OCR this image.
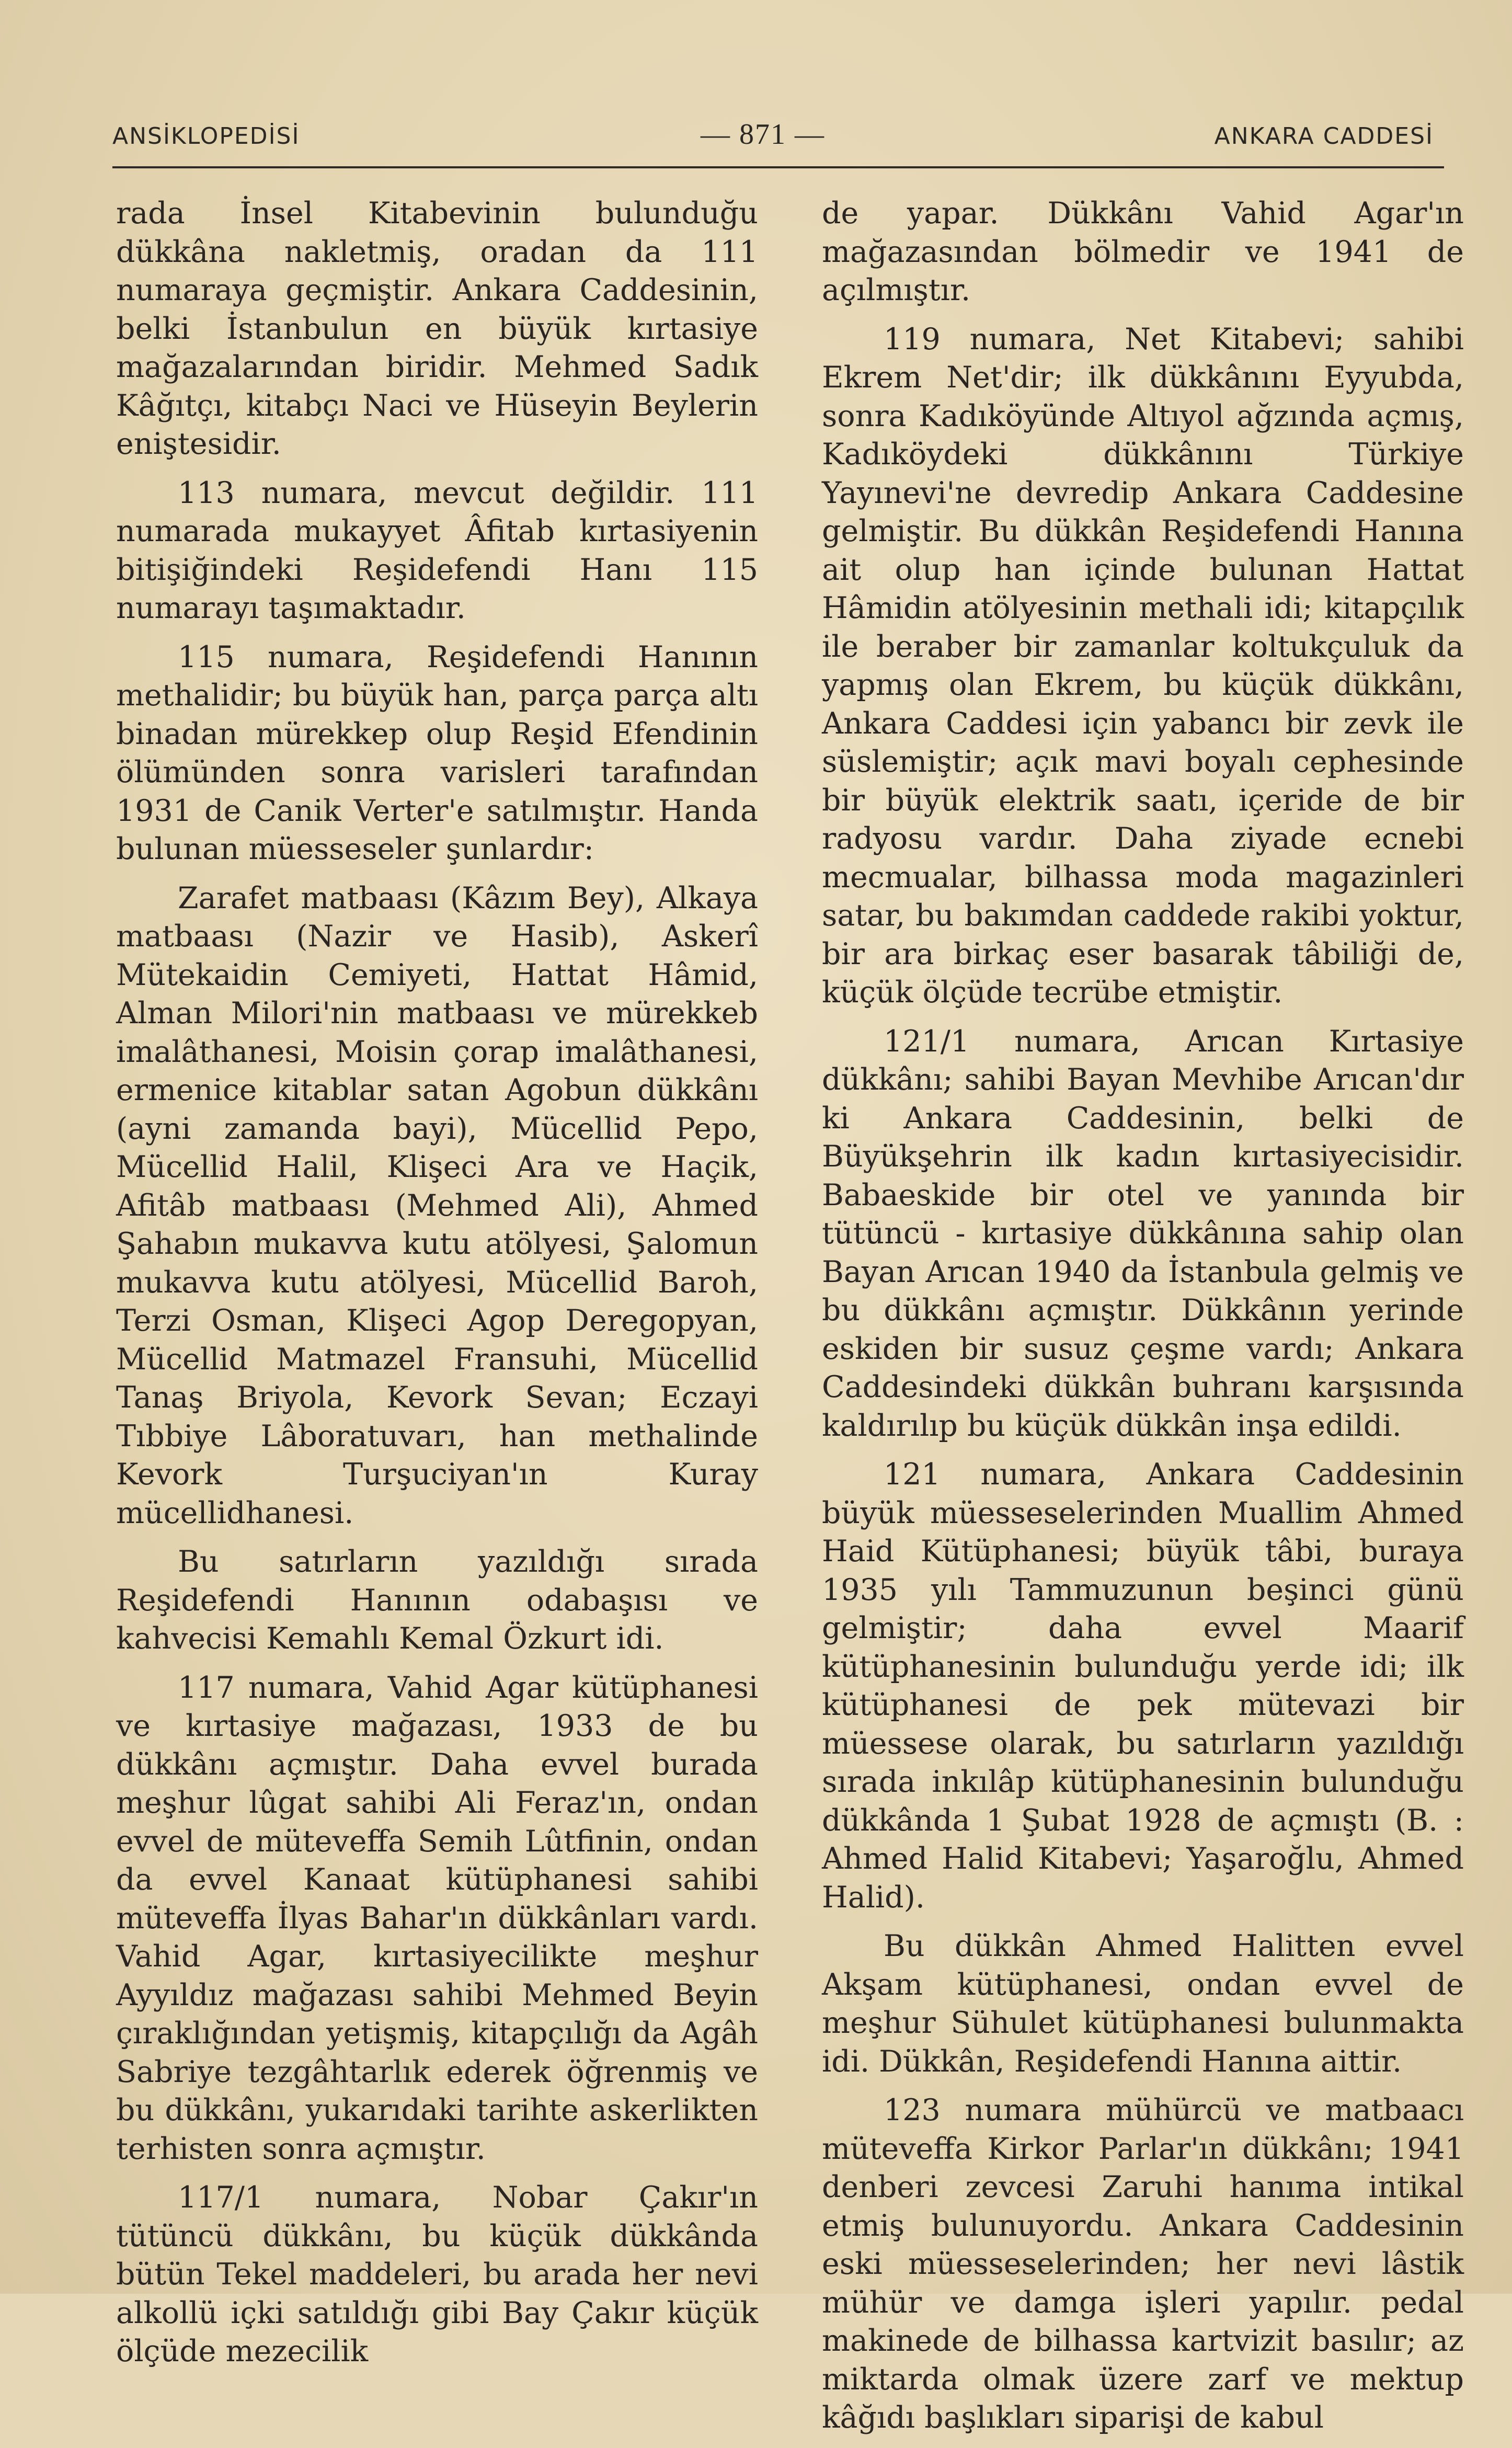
ANSİKLOPEDİSİ	— 871 —	ANKARA CADDESİ

rada İnsel Kitabevinin bulunduğu dükkâna nakletmiş, oradan da 111 numaraya geçmiştir. Ankara Caddesinin, belki İstanbulun en büyük kırtasiye mağazalarından biridir. Mehmed Sadık Kâğıtçı, kitabçı Naci ve Hüseyin Beylerin eniştesidir.

113 numara, mevcut değildir. 111 numarada mukayyet Âfitab kırtasiyenin bitişiğindeki Reşidefendi Hanı 115 numarayı taşımaktadır.

115 numara, Reşidefendi Hanının methalidir; bu büyük han, parça parça altı binadan mürekkep olup Reşid Efendinin ölümünden sonra varisleri tarafından 1931 de Canik Verter'e satılmıştır. Handa bulunan müesseseler şunlardır:

Zarafet matbaası (Kâzım Bey), Alkaya matbaası (Nazir ve Hasib), Askerî Mütekaidin Cemiyeti, Hattat Hâmid, Alman Milori'nin matbaası ve mürekkeb imalâthanesi, Moisin çorap imalâthanesi, ermenice kitablar satan Agobun dükkânı (ayni zamanda bayi), Mücellid Pepo, Mücellid Halil, Klişeci Ara ve Haçik, Afitâb matbaası (Mehmed Ali), Ahmed Şahabın mukavva kutu atölyesi, Şalomun mukavva kutu atölyesi, Mücellid Baroh, Terzi Osman, Klişeci Agop Deregopyan, Mücellid Matmazel Fransuhi, Mücellid Tanaş Briyola, Kevork Sevan; Eczayi Tıbbiye Lâboratuvarı, han methalinde Kevork Turşuciyan'ın Kuray mücellidhanesi.

Bu satırların yazıldığı sırada Reşidefendi Hanının odabaşısı ve kahvecisi Kemahlı Kemal Özkurt idi.

117 numara, Vahid Agar kütüphanesi ve kırtasiye mağazası, 1933 de bu dükkânı açmıştır. Daha evvel burada meşhur lûgat sahibi Ali Feraz'ın, ondan evvel de müteveffa Semih Lûtfinin, ondan da evvel Kanaat kütüphanesi sahibi müteveffa İlyas Bahar'ın dükkânları vardı. Vahid Agar, kırtasiyecilikte meşhur Ayyıldız mağazası sahibi Mehmed Beyin çıraklığından yetişmiş, kitapçılığı da Agâh Sabriye tezgâhtarlık ederek öğrenmiş ve bu dükkânı, yukarıdaki tarihte askerlikten terhisten sonra açmıştır.

117/1 numara, Nobar Çakır'ın tütüncü dükkânı, bu küçük dükkânda bütün Tekel maddeleri, bu arada her nevi alkollü içki satıldığı gibi Bay Çakır küçük ölçüde mezecilik

de yapar. Dükkânı Vahid Agar'ın mağazasından bölmedir ve 1941 de açılmıştır.

119 numara, Net Kitabevi; sahibi Ekrem Net'dir; ilk dükkânını Eyyubda, sonra Kadıköyünde Altıyol ağzında açmış, Kadıköydeki dükkânını Türkiye Yayınevi'ne devredip Ankara Caddesine gelmiştir. Bu dükkân Reşidefendi Hanına ait olup han içinde bulunan Hattat Hâmidin atölyesinin methali idi; kitapçılık ile beraber bir zamanlar koltukçuluk da yapmış olan Ekrem, bu küçük dükkânı, Ankara Caddesi için yabancı bir zevk ile süslemiştir; açık mavi boyalı cephesinde bir büyük elektrik saatı, içeride de bir radyosu vardır. Daha ziyade ecnebi mecmualar, bilhassa moda magazinleri satar, bu bakımdan caddede rakibi yoktur, bir ara birkaç eser basarak tâbiliği de, küçük ölçüde tecrübe etmiştir.

121/1 numara, Arıcan Kırtasiye dükkânı; sahibi Bayan Mevhibe Arıcan'dır ki Ankara Caddesinin, belki de Büyükşehrin ilk kadın kırtasiyecisidir. Babaeskide bir otel ve yanında bir tütüncü - kırtasiye dükkânına sahip olan Bayan Arıcan 1940 da İstanbula gelmiş ve bu dükkânı açmıştır. Dükkânın yerinde eskiden bir susuz çeşme vardı; Ankara Caddesindeki dükkân buhranı karşısında kaldırılıp bu küçük dükkân inşa edildi.

121 numara, Ankara Caddesinin büyük müesseselerinden Muallim Ahmed Haid Kütüphanesi; büyük tâbi, buraya 1935 yılı Tammuzunun beşinci günü gelmiştir; daha evvel Maarif kütüphanesinin bulunduğu yerde idi; ilk kütüphanesi de pek mütevazi bir müessese olarak, bu satırların yazıldığı sırada inkılâp kütüphanesinin bulunduğu dükkânda 1 Şubat 1928 de açmıştı (B. : Ahmed Halid Kitabevi; Yaşaroğlu, Ahmed Halid).

Bu dükkân Ahmed Halitten evvel Akşam kütüphanesi, ondan evvel de meşhur Sühulet kütüphanesi bulunmakta idi. Dükkân, Reşidefendi Hanına aittir.

123 numara mühürcü ve matbaacı müteveffa Kirkor Parlar'ın dükkânı; 1941 denberi zevcesi Zaruhi hanıma intikal etmiş bulunuyordu. Ankara Caddesinin eski müesseselerinden; her nevi lâstik mühür ve damga işleri yapılır. pedal makinede de bilhassa kartvizit basılır; az miktarda olmak üzere zarf ve mektup kâğıdı başlıkları siparişi de kabul
